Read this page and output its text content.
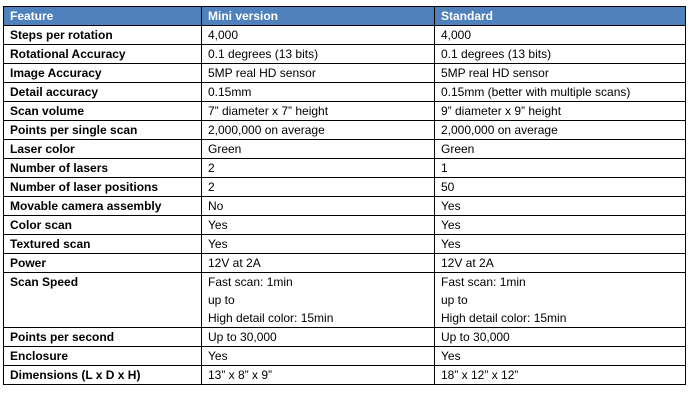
Feature	Mini version	Standard
Steps per rotation	4,000	4,000

Rotational Accuracy	0.1 degrees (13 bits)	0.1 degrees (13 bits)

Image Accuracy	5MP real HD sensor	5MP real HD sensor

Detail accuracy	0.15mm	0.15mm (better with multiple scans)

Scan volume	7” diameter x 7” height	9” diameter x 9” height

Points per single scan	2,000,000 on average	2,000,000 on average

Laser color	Green	Green

Number of lasers	2	1

Number of laser positions	2	50

Movable camera assembly	No	Yes

Color scan	Yes	Yes

Textured scan	Yes	Yes

Power	12V at 2A	12V at 2A

Scan Speed	Fast scan: 1min
up to
High detail color: 15min	Fast scan: 1min
up to
High detail color: 15min

Points per second	Up to 30,000	Up to 30,000

Enclosure	Yes	Yes

Dimensions (L x D x H)	13” x 8” x 9”	18” x 12” x 12”
